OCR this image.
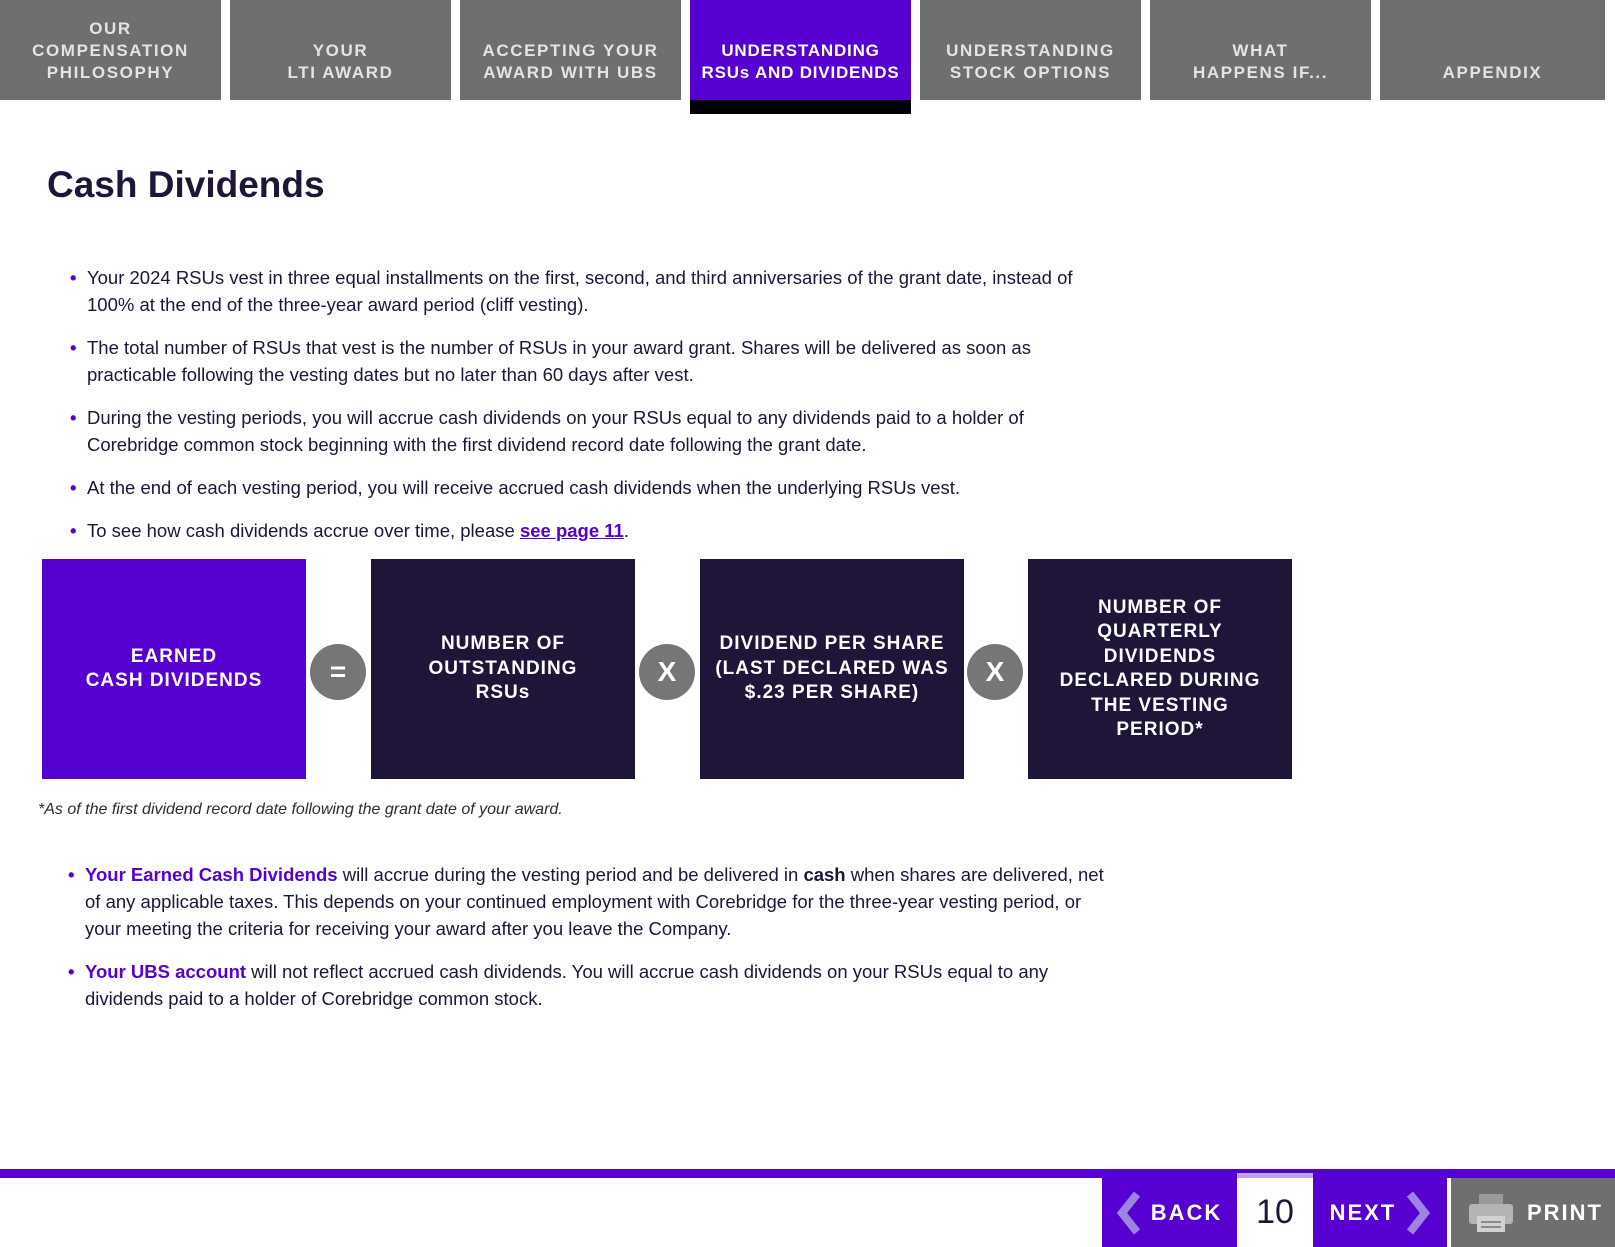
OUR
COMPENSATION
PHILOSOPHY
YOUR
LTI AWARD
ACCEPTING YOUR
AWARD WITH UBS
UNDERSTANDING
RSUs AND DIVIDENDS
UNDERSTANDING
STOCK OPTIONS
WHAT
HAPPENS IF...	APPENDIX
Cash Dividends
• Your 2024 RSUs vest in three equal installments on the first, second, and third anniversaries of the grant date, instead of 100% at the end of the three-year award period (cliff vesting).
• The total number of RSUs that vest is the number of RSUs in your award grant. Shares will be delivered as soon as practicable following the vesting dates but no later than 60 days after vest.
• During the vesting periods, you will accrue cash dividends on your RSUs equal to any dividends paid to a holder of Corebridge common stock beginning with the first dividend record date following the grant date.
• At the end of each vesting period, you will receive accrued cash dividends when the underlying RSUs vest.
• To see how cash dividends accrue over time, please see page 11.
EARNED
CASH DIVIDENDS =
NUMBER OF
OUTSTANDING
RSUs
X
DIVIDEND PER SHARE
(LAST DECLARED WAS
$.23 PER SHARE)
X
NUMBER OF
QUARTERLY
DIVIDENDS
DECLARED DURING
THE VESTING
PERIOD*

*As of the first dividend record date following the grant date of your award.

• Your Earned Cash Dividends will accrue during the vesting period and be delivered in cash when shares are delivered, net of any applicable taxes. This depends on your continued employment with Corebridge for the three-year vesting period, or your meeting the criteria for receiving your award after you leave the Company.
• Your UBS account will not reflect accrued cash dividends. You will accrue cash dividends on your RSUs equal to any dividends paid to a holder of Corebridge common stock.
BACK 10	NEXT	PRINT
